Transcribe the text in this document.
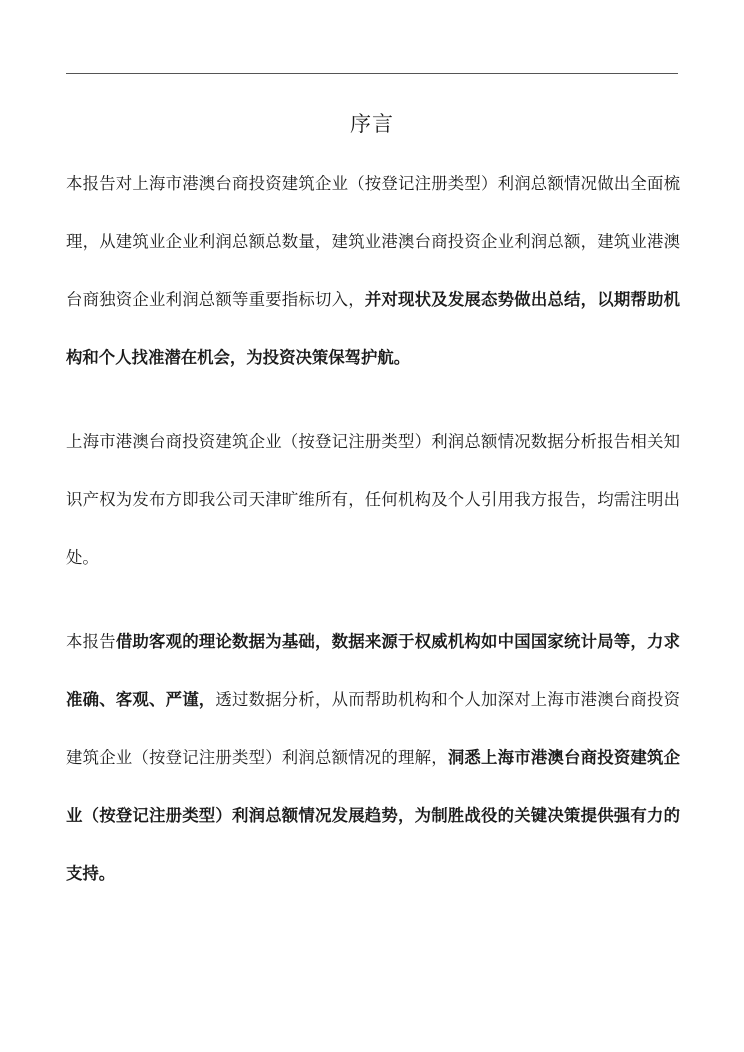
序言

本报告对上海市港澳台商投资建筑企业（按登记注册类型）利润总额情况做出全面梳理，从建筑业企业利润总额总数量，建筑业港澳台商投资企业利润总额，建筑业港澳台商独资企业利润总额等重要指标切入，并对现状及发展态势做出总结，以期帮助机构和个人找准潜在机会，为投资决策保驾护航。

上海市港澳台商投资建筑企业（按登记注册类型）利润总额情况数据分析报告相关知识产权为发布方即我公司天津旷维所有，任何机构及个人引用我方报告，均需注明出处。

本报告借助客观的理论数据为基础，数据来源于权威机构如中国国家统计局等，力求准确、客观、严谨，透过数据分析，从而帮助机构和个人加深对上海市港澳台商投资建筑企业（按登记注册类型）利润总额情况的理解，洞悉上海市港澳台商投资建筑企业（按登记注册类型）利润总额情况发展趋势，为制胜战役的关键决策提供强有力的支持。
